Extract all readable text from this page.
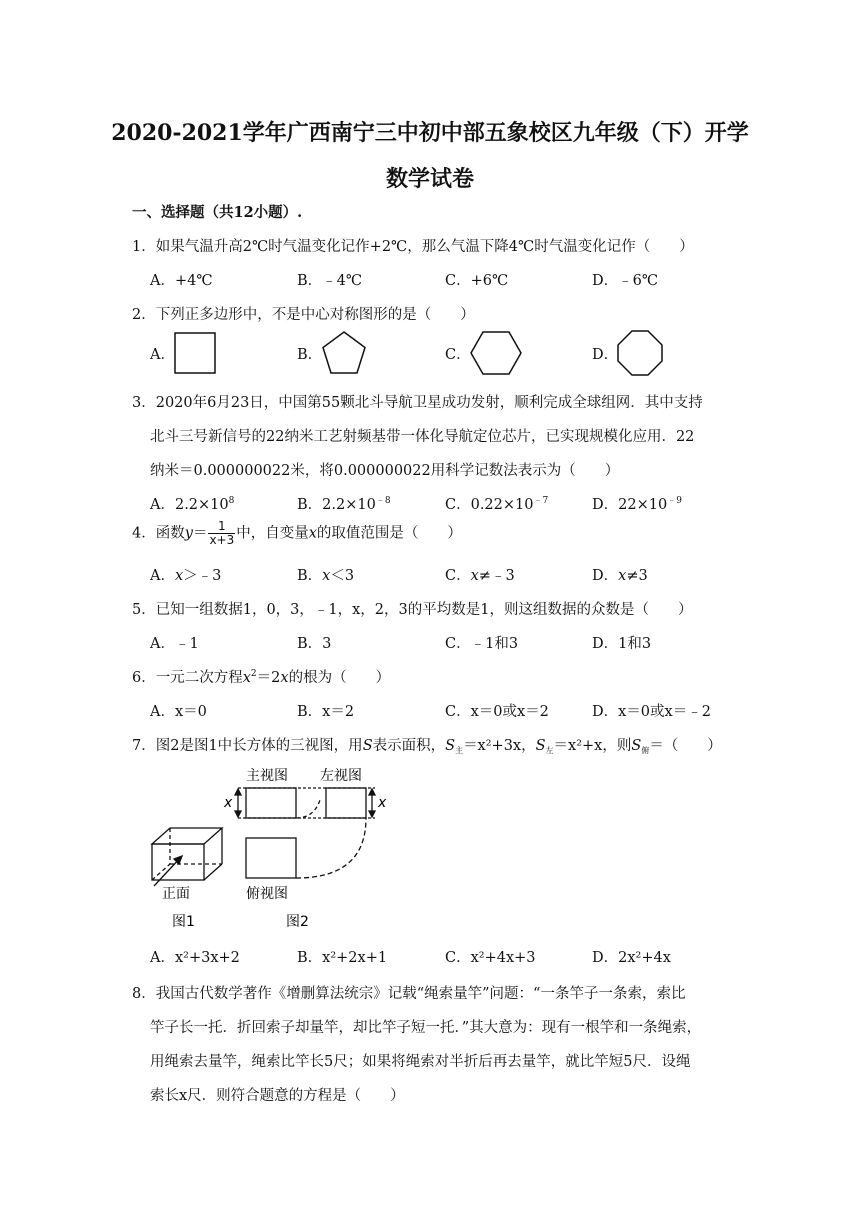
2020-2021学年广西南宁三中初中部五象校区九年级（下）开学
数学试卷
一、选择题（共12小题）.
1．如果气温升高2℃时气温变化记作+2℃，那么气温下降4℃时气温变化记作（　　）
A．+4℃	B．﹣4℃	C．+6℃	D．﹣6℃
2．下列正多边形中，不是中心对称图形的是（　　）
A．	B．	C．	D．
3．2020年6月23日，中国第55颗北斗导航卫星成功发射，顺利完成全球组网．其中支持
北斗三号新信号的22纳米工艺射频基带一体化导航定位芯片，已实现规模化应用．22
纳米＝0.000000022米，将0.000000022用科学记数法表示为（　　）
A．$2.2\times 10^8$	B．$2.2\times 10^{﹣8}$	C．$0.22\times 10^{﹣7}$	D．$22\times 10^{﹣9}$
4．函数$y= \frac{1}{x+3}$ 中，自变量x的取值范围是（　　）
A．x＞﹣3	B．x＜3	C．x≠﹣3	D．x≠3
5．已知一组数据1，0，3，﹣1，x，2，3的平均数是1，则这组数据的众数是（　　）
A．﹣1	B．3	C．﹣1和3	D．1和3
6．一元二次方程$x^2=2x$的根为（　　）
A．x＝0	B．x＝2	C．x＝0或x＝2	D．x＝0或x＝﹣2
7．图2是图1中长方体的三视图，用S表示面积，$S_主=x^2+3x$，$S_左=x^2+x$，则$S_俯=$（　　）
正面
图1
主视图 左视图
x	x
俯视图
图2
A．x²+3x+2	B．x²+2x+1	C．x²+4x+3	D．2x²+4x
8．我国古代数学著作《增删算法统宗》记载“绳索量竿”问题：“一条竿子一条索，索比
竿子长一托．折回索子却量竿，却比竿子短一托．”其大意为：现有一根竿和一条绳索，
用绳索去量竿，绳索比竿长5尺；如果将绳索对半折后再去量竿，就比竿短5尺．设绳
索长x尺．则符合题意的方程是（　　）
